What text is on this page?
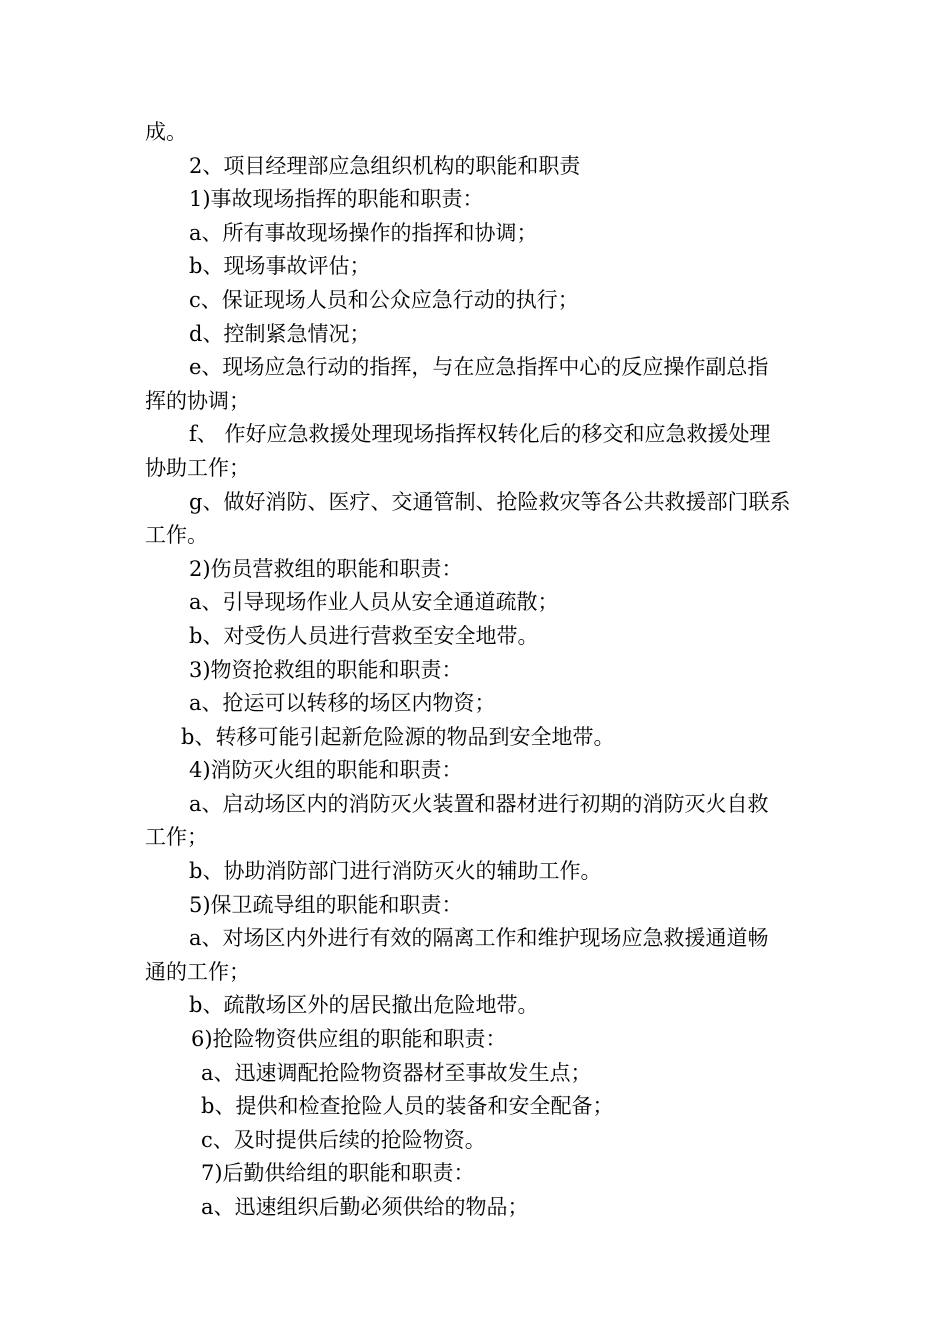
成。
2、项目经理部应急组织机构的职能和职责
1)事故现场指挥的职能和职责：
a、所有事故现场操作的指挥和协调；
b、现场事故评估；
c、保证现场人员和公众应急行动的执行；
d、控制紧急情况；
e、现场应急行动的指挥，与在应急指挥中心的反应操作副总指
挥的协调；
f、 作好应急救援处理现场指挥权转化后的移交和应急救援处理
协助工作；
g、做好消防、医疗、交通管制、抢险救灾等各公共救援部门联系
工作。
2)伤员营救组的职能和职责：
a、引导现场作业人员从安全通道疏散；
b、对受伤人员进行营救至安全地带。
3)物资抢救组的职能和职责：
a、抢运可以转移的场区内物资；
b、转移可能引起新危险源的物品到安全地带。
4)消防灭火组的职能和职责：
a、启动场区内的消防灭火装置和器材进行初期的消防灭火自救
工作；
b、协助消防部门进行消防灭火的辅助工作。
5)保卫疏导组的职能和职责：
a、对场区内外进行有效的隔离工作和维护现场应急救援通道畅
通的工作；
b、疏散场区外的居民撤出危险地带。
6)抢险物资供应组的职能和职责：
a、迅速调配抢险物资器材至事故发生点；
b、提供和检查抢险人员的装备和安全配备；
c、及时提供后续的抢险物资。
7)后勤供给组的职能和职责：
a、迅速组织后勤必须供给的物品；
